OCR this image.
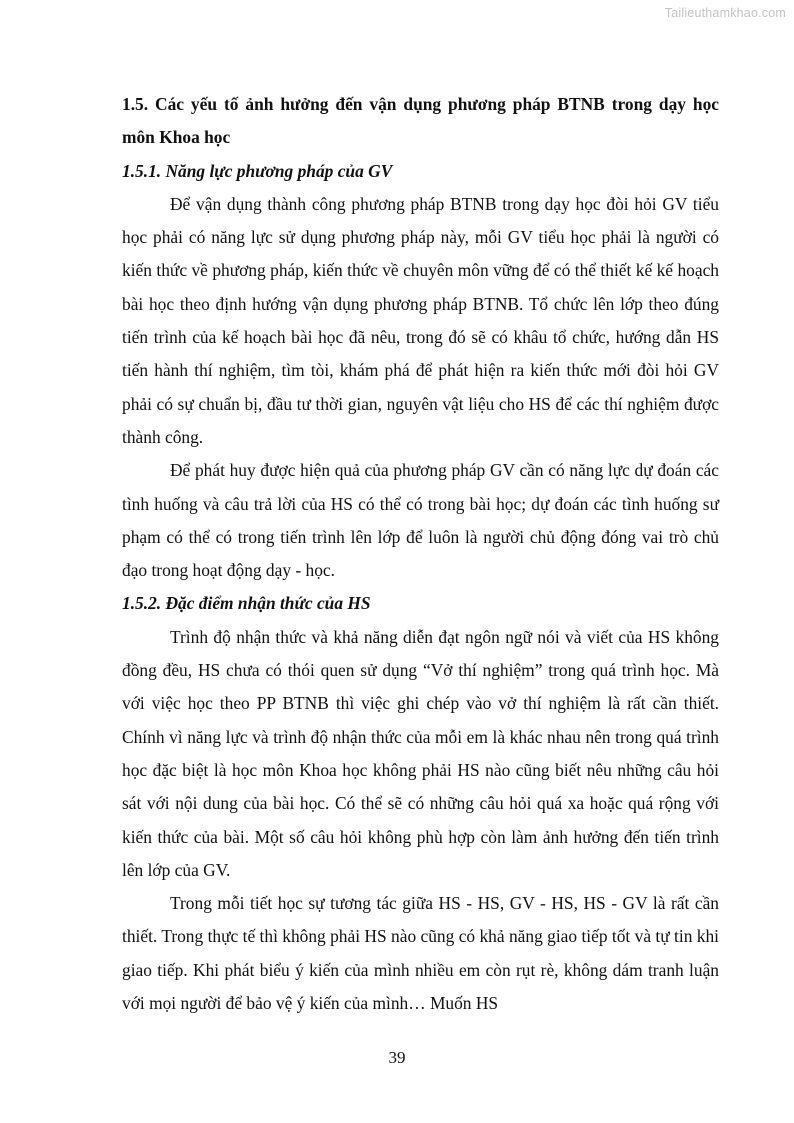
Tailieuthamkhao.com

1.5. Các yếu tố ảnh hưởng đến vận dụng phương pháp BTNB trong dạy học môn Khoa học

1.5.1. Năng lực phương pháp của GV

Để vận dụng thành công phương pháp BTNB trong dạy học đòi hỏi GV tiểu học phải có năng lực sử dụng phương pháp này, mỗi GV tiểu học phải là người có kiến thức về phương pháp, kiến thức về chuyên môn vững để có thể thiết kế kế hoạch bài học theo định hướng vận dụng phương pháp BTNB. Tổ chức lên lớp theo đúng tiến trình của kế hoạch bài học đã nêu, trong đó sẽ có khâu tổ chức, hướng dẫn HS tiến hành thí nghiệm, tìm tòi, khám phá để phát hiện ra kiến thức mới đòi hỏi GV phải có sự chuẩn bị, đầu tư thời gian, nguyên vật liệu cho HS để các thí nghiệm được thành công.

Để phát huy được hiện quả của phương pháp GV cần có năng lực dự đoán các tình huống và câu trả lời của HS có thể có trong bài học; dự đoán các tình huống sư phạm có thể có trong tiến trình lên lớp để luôn là người chủ động đóng vai trò chủ đạo trong hoạt động dạy - học.

1.5.2. Đặc điểm nhận thức của HS

Trình độ nhận thức và khả năng diễn đạt ngôn ngữ nói và viết của HS không đồng đều, HS chưa có thói quen sử dụng “Vở thí nghiệm” trong quá trình học. Mà với việc học theo PP BTNB thì việc ghi chép vào vở thí nghiệm là rất cần thiết. Chính vì năng lực và trình độ nhận thức của mỗi em là khác nhau nên trong quá trình học đặc biệt là học môn Khoa học không phải HS nào cũng biết nêu những câu hỏi sát với nội dung của bài học. Có thể sẽ có những câu hỏi quá xa hoặc quá rộng với kiến thức của bài. Một số câu hỏi không phù hợp còn làm ảnh hưởng đến tiến trình lên lớp của GV.

Trong mỗi tiết học sự tương tác giữa HS - HS, GV - HS, HS - GV là rất cần thiết. Trong thực tế thì không phải HS nào cũng có khả năng giao tiếp tốt và tự tin khi giao tiếp. Khi phát biểu ý kiến của mình nhiều em còn rụt rè, không dám tranh luận với mọi người để bảo vệ ý kiến của mình… Muốn HS

39
